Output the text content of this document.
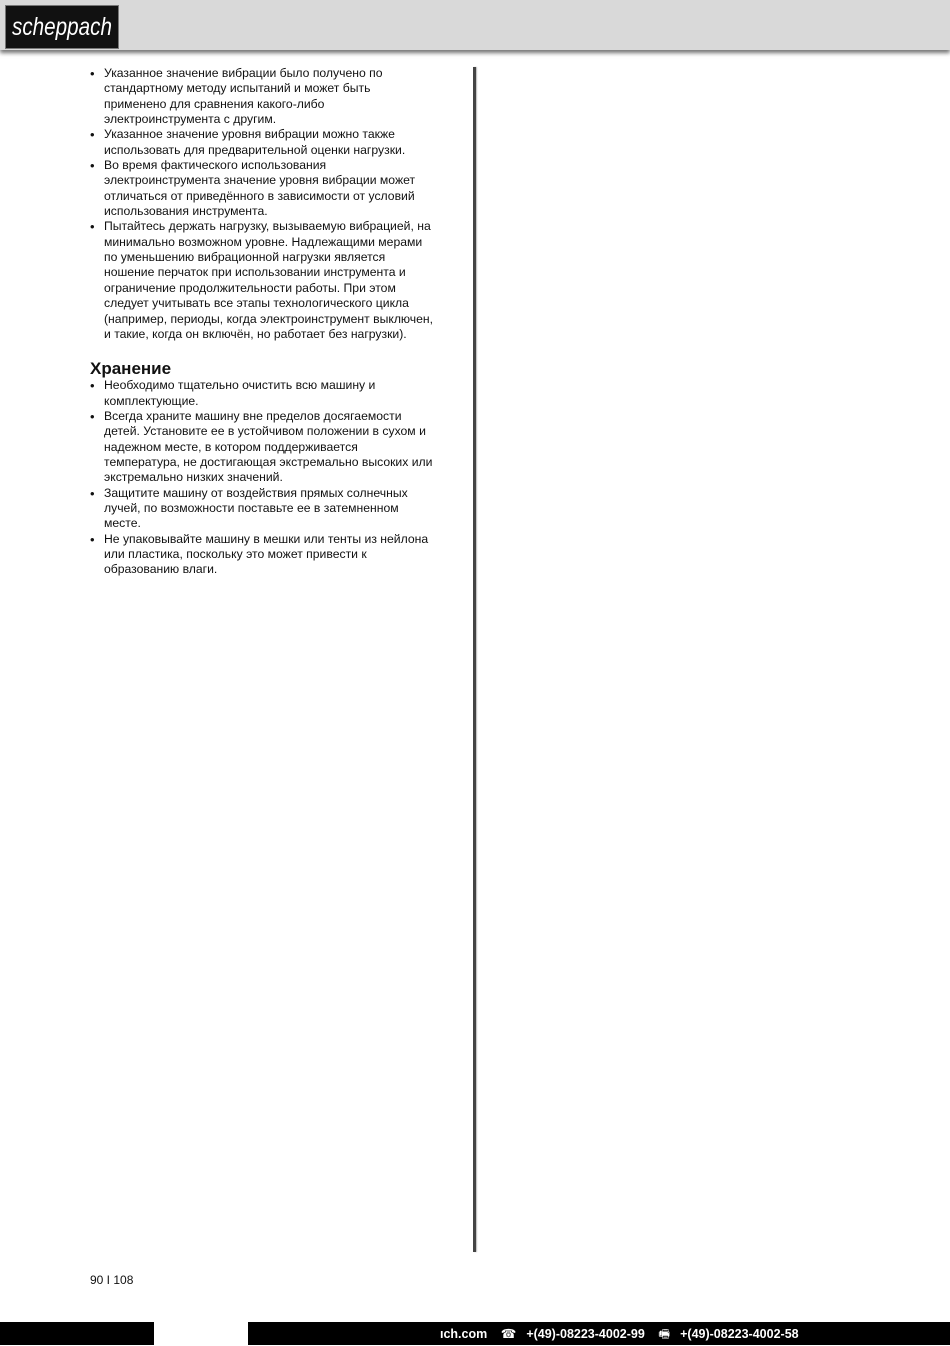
scheppach
• Указанное значение вибрации было получено по стандартному методу испытаний и может быть применено для сравнения какого-либо электроинструмента с другим.
• Указанное значение уровня вибрации можно также использовать для предварительной оценки нагрузки.
• Во время фактического использования электроинструмента значение уровня вибрации может отличаться от приведённого в зависимости от условий использования инструмента.
• Пытайтесь держать нагрузку, вызываемую вибрацией, на минимально возможном уровне. Надлежащими мерами по уменьшению вибрационной нагрузки является ношение перчаток при использовании инструмента и ограничение продолжительности работы. При этом следует учитывать все этапы технологического цикла (например, периоды, когда электроинструмент выключен, и такие, когда он включён, но работает без нагрузки).
Хранение
• Необходимо тщательно очистить всю машину и комплектующие.
• Всегда храните машину вне пределов досягаемости детей. Установите ее в устойчивом положении в сухом и надежном месте, в котором поддерживается температура, не достигающая экстремально высоких или экстремально низких значений.
• Защитите машину от воздействия прямых солнечных лучей, по возможности поставьте ее в затемненном месте.
• Не упаковывайте машину в мешки или тенты из нейлона или пластика, поскольку это может привести к образованию влаги.
90 I 108
ıch.com ☎ +(49)-08223-4002-99 🖷 +(49)-08223-4002-58
